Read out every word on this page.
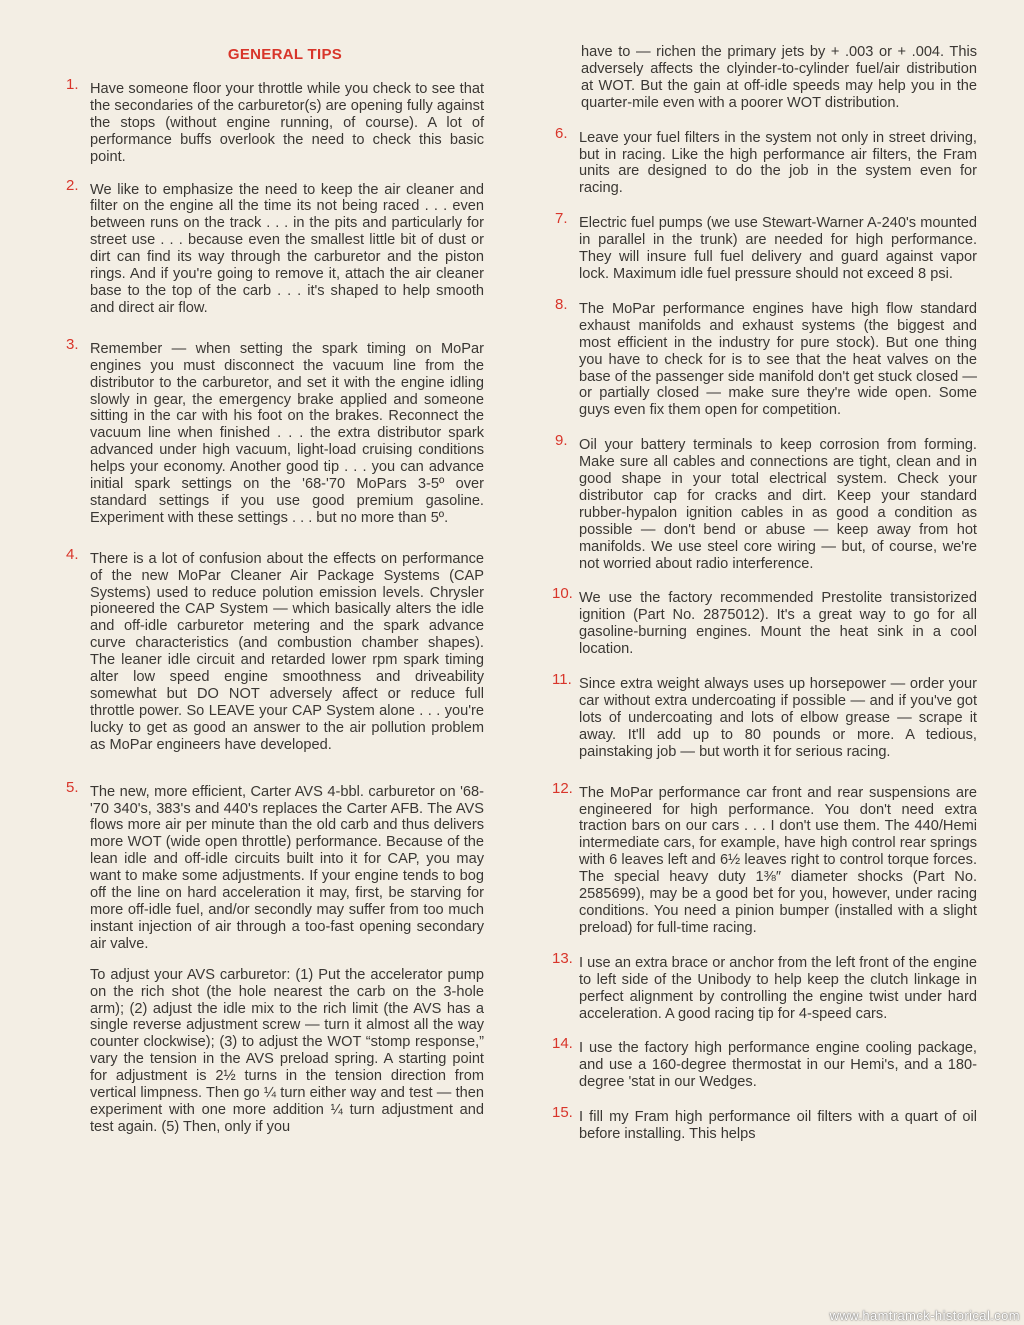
GENERAL TIPS
1. Have someone floor your throttle while you check to see that the secondaries of the carburetor(s) are opening fully against the stops (without engine running, of course). A lot of performance buffs overlook the need to check this basic point.
2. We like to emphasize the need to keep the air cleaner and filter on the engine all the time its not being raced . . . even between runs on the track . . . in the pits and particularly for street use . . . because even the smallest little bit of dust or dirt can find its way through the carburetor and the piston rings. And if you're going to remove it, attach the air cleaner base to the top of the carb . . . it's shaped to help smooth and direct air flow.
3. Remember — when setting the spark timing on MoPar engines you must disconnect the vacuum line from the distributor to the carburetor, and set it with the engine idling slowly in gear, the emergency brake applied and someone sitting in the car with his foot on the brakes. Reconnect the vacuum line when finished . . . the extra distributor spark advanced under high vacuum, light-load cruising conditions helps your economy. Another good tip . . . you can advance initial spark settings on the '68-'70 MoPars 3-5º over standard settings if you use good premium gasoline. Experiment with these settings . . . but no more than 5º.
4. There is a lot of confusion about the effects on performance of the new MoPar Cleaner Air Package Systems (CAP Systems) used to reduce polution emission levels. Chrysler pioneered the CAP System — which basically alters the idle and off-idle carburetor metering and the spark advance curve characteristics (and combustion chamber shapes). The leaner idle circuit and retarded lower rpm spark timing alter low speed engine smoothness and driveability somewhat but DO NOT adversely affect or reduce full throttle power. So LEAVE your CAP System alone . . . you're lucky to get as good an answer to the air pollution problem as MoPar engineers have developed.
5. The new, more efficient, Carter AVS 4-bbl. carburetor on '68-'70 340's, 383's and 440's replaces the Carter AFB. The AVS flows more air per minute than the old carb and thus delivers more WOT (wide open throttle) performance. Because of the lean idle and off-idle circuits built into it for CAP, you may want to make some adjustments. If your engine tends to bog off the line on hard acceleration it may, first, be starving for more off-idle fuel, and/or secondly may suffer from too much instant injection of air through a too-fast opening secondary air valve.
To adjust your AVS carburetor: (1) Put the accelerator pump on the rich shot (the hole nearest the carb on the 3-hole arm); (2) adjust the idle mix to the rich limit (the AVS has a single reverse adjustment screw — turn it almost all the way counter clockwise); (3) to adjust the WOT “stomp response,” vary the tension in the AVS preload spring. A starting point for adjustment is 2½ turns in the tension direction from vertical limpness. Then go ¼ turn either way and test — then experiment with one more addition ¼ turn adjustment and test again. (5) Then, only if you
have to — richen the primary jets by + .003 or + .004. This adversely affects the clyinder-to-cylinder fuel/air distribution at WOT. But the gain at off-idle speeds may help you in the quarter-mile even with a poorer WOT distribution.
6. Leave your fuel filters in the system not only in street driving, but in racing. Like the high performance air filters, the Fram units are designed to do the job in the system even for racing.
7. Electric fuel pumps (we use Stewart-Warner A-240's mounted in parallel in the trunk) are needed for high performance. They will insure full fuel delivery and guard against vapor lock. Maximum idle fuel pressure should not exceed 8 psi.
8. The MoPar performance engines have high flow standard exhaust manifolds and exhaust systems (the biggest and most efficient in the industry for pure stock). But one thing you have to check for is to see that the heat valves on the base of the passenger side manifold don't get stuck closed — or partially closed — make sure they're wide open. Some guys even fix them open for competition.
9. Oil your battery terminals to keep corrosion from forming. Make sure all cables and connections are tight, clean and in good shape in your total electrical system. Check your distributor cap for cracks and dirt. Keep your standard rubber-hypalon ignition cables in as good a condition as possible — don't bend or abuse — keep away from hot manifolds. We use steel core wiring — but, of course, we're not worried about radio interference.
10. We use the factory recommended Prestolite transistorized ignition (Part No. 2875012). It's a great way to go for all gasoline-burning engines. Mount the heat sink in a cool location.
11. Since extra weight always uses up horsepower — order your car without extra undercoating if possible — and if you've got lots of undercoating and lots of elbow grease — scrape it away. It'll add up to 80 pounds or more. A tedious, painstaking job — but worth it for serious racing.
12. The MoPar performance car front and rear suspensions are engineered for high performance. You don't need extra traction bars on our cars . . . I don't use them. The 440/Hemi intermediate cars, for example, have high control rear springs with 6 leaves left and 6½ leaves right to control torque forces. The special heavy duty 1⅜″ diameter shocks (Part No. 2585699), may be a good bet for you, however, under racing conditions. You need a pinion bumper (installed with a slight preload) for full-time racing.
13. I use an extra brace or anchor from the left front of the engine to left side of the Unibody to help keep the clutch linkage in perfect alignment by controlling the engine twist under hard acceleration. A good racing tip for 4-speed cars.
14. I use the factory high performance engine cooling package, and use a 160-degree thermostat in our Hemi's, and a 180-degree 'stat in our Wedges.
15. I fill my Fram high performance oil filters with a quart of oil before installing. This helps
www.hamtramck-historical.com
